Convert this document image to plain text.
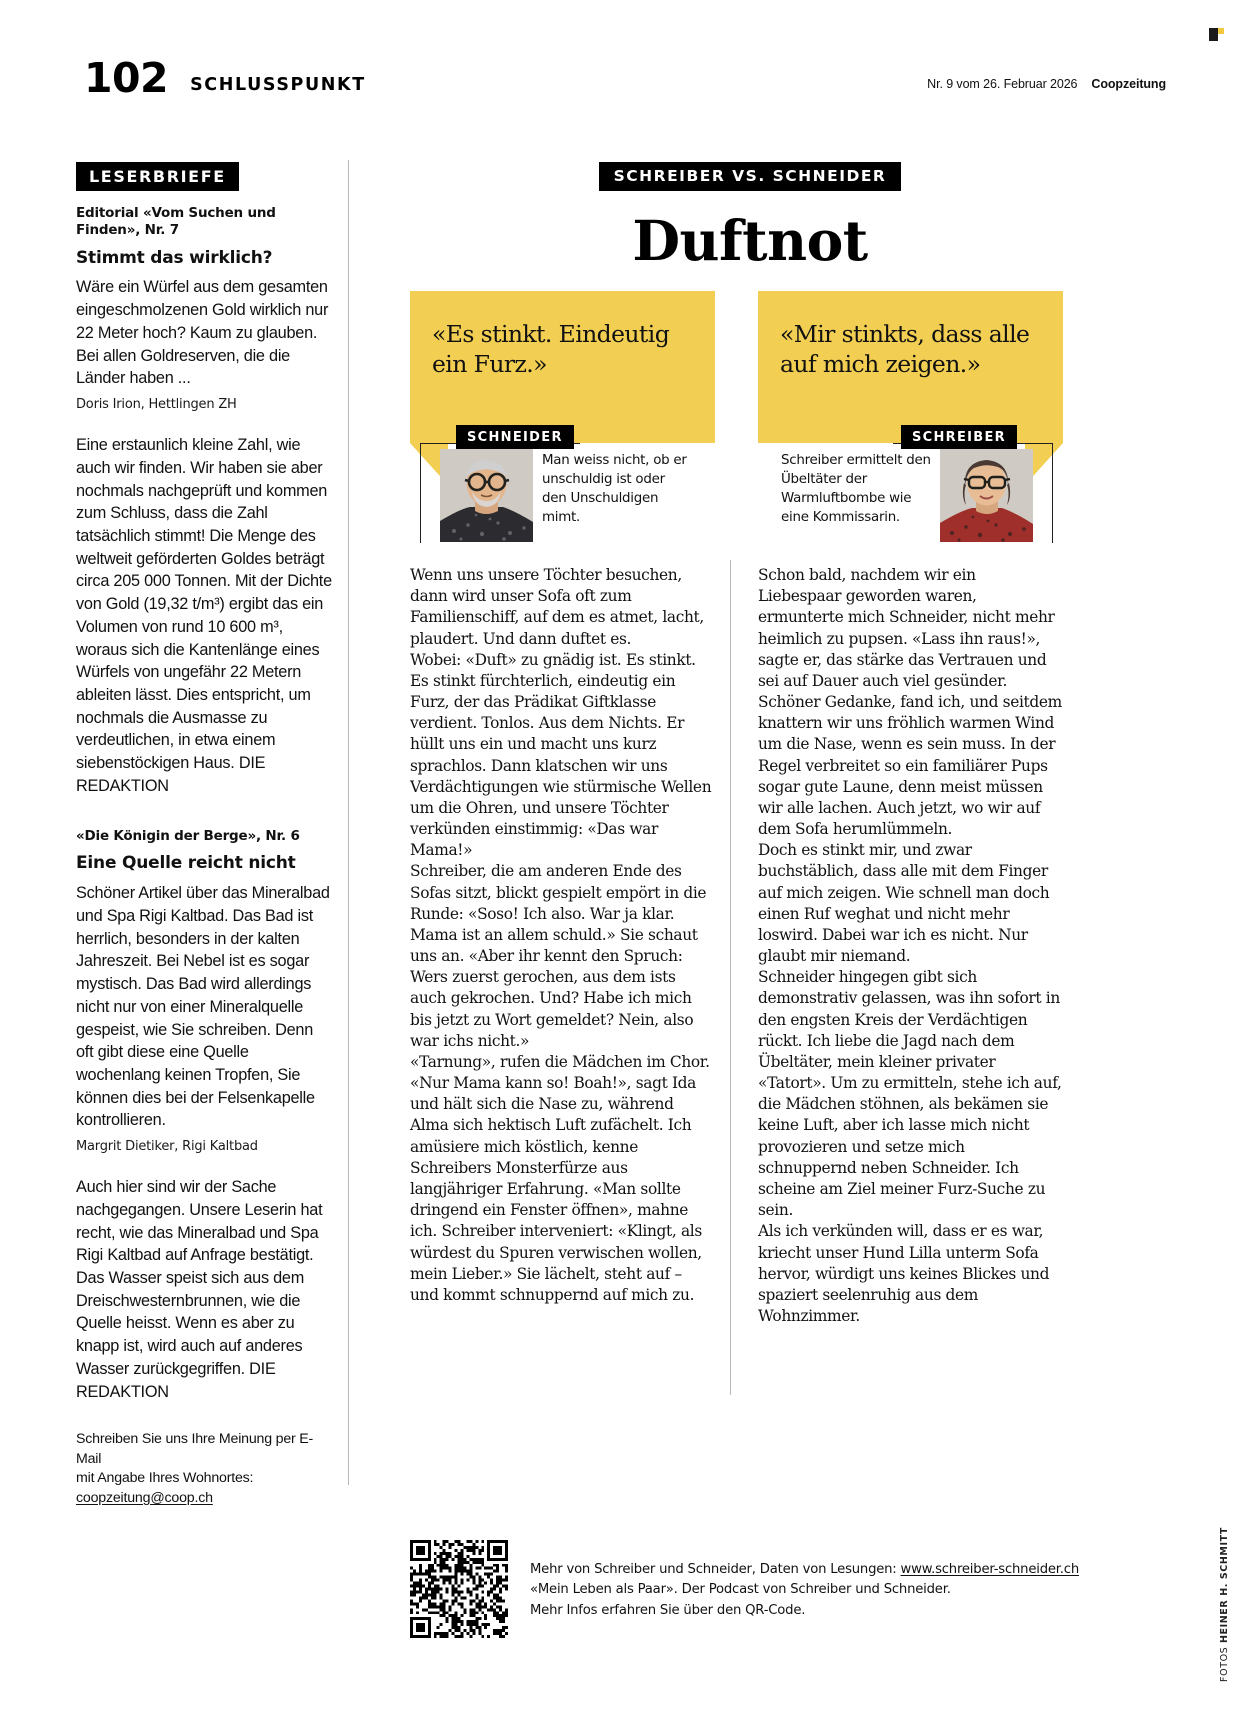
102 SCHLUSSPUNKT	Nr. 9 vom 26. Februar 2026 Coopzeitung
LESERBRIEFE
Editorial «Vom Suchen und Finden», Nr. 7
Stimmt das wirklich?
Wäre ein Würfel aus dem gesamten eingeschmolzenen Gold wirklich nur 22 Meter hoch? Kaum zu glauben. Bei allen Goldreserven, die die Länder haben ...
Doris Irion, Hettlingen ZH
Eine erstaunlich kleine Zahl, wie auch wir finden. Wir haben sie aber nochmals nachgeprüft und kommen zum Schluss, dass die Zahl tatsächlich stimmt! Die Menge des weltweit geförderten Goldes beträgt circa 205 000 Tonnen. Mit der Dichte von Gold (19,32 t/m³) ergibt das ein Volumen von rund 10 600 m³, woraus sich die Kantenlänge eines Würfels von ungefähr 22 Metern ableiten lässt. Dies entspricht, um nochmals die Ausmasse zu verdeutlichen, in etwa einem siebenstöckigen Haus. DIE REDAKTION
«Die Königin der Berge», Nr. 6
Eine Quelle reicht nicht
Schöner Artikel über das Mineralbad und Spa Rigi Kaltbad. Das Bad ist herrlich, besonders in der kalten Jahreszeit. Bei Nebel ist es sogar mystisch. Das Bad wird allerdings nicht nur von einer Mineralquelle gespeist, wie Sie schreiben. Denn oft gibt diese eine Quelle wochenlang keinen Tropfen, Sie können dies bei der Felsenkapelle kontrollieren.
Margrit Dietiker, Rigi Kaltbad
Auch hier sind wir der Sache nachgegangen. Unsere Leserin hat recht, wie das Mineralbad und Spa Rigi Kaltbad auf Anfrage bestätigt. Das Wasser speist sich aus dem Dreischwesternbrunnen, wie die Quelle heisst. Wenn es aber zu knapp ist, wird auch auf anderes Wasser zurückgegriffen. DIE REDAKTION
Schreiben Sie uns Ihre Meinung per E-Mail
mit Angabe Ihres Wohnortes:
coopzeitung@coop.ch
SCHREIBER VS. SCHNEIDER
Duftnot
«Es stinkt. Eindeutig ein Furz.»
SCHNEIDER
Man weiss nicht, ob er unschuldig ist oder den Unschuldigen mimt.
«Mir stinkts, dass alle auf mich zeigen.»
SCHREIBER
Schreiber ermittelt den Übeltäter der Warmluftbombe wie eine Kommissarin.

Wenn uns unsere Töchter besuchen, dann wird unser Sofa oft zum Familienschiff, auf dem es atmet, lacht, plaudert. Und dann duftet es.

Wobei: «Duft» zu gnädig ist. Es stinkt. Es stinkt fürchterlich, eindeutig ein Furz, der das Prädikat Giftklasse verdient. Tonlos. Aus dem Nichts. Er hüllt uns ein und macht uns kurz sprachlos. Dann klatschen wir uns Verdächtigungen wie stürmische Wellen um die Ohren, und unsere Töchter verkünden einstimmig: «Das war Mama!»

Schreiber, die am anderen Ende des Sofas sitzt, blickt gespielt empört in die Runde: «Soso! Ich also. War ja klar. Mama ist an allem schuld.» Sie schaut uns an. «Aber ihr kennt den Spruch: Wers zuerst gerochen, aus dem ists auch gekrochen. Und? Habe ich mich bis jetzt zu Wort gemeldet? Nein, also war ichs nicht.»

«Tarnung», rufen die Mädchen im Chor. «Nur Mama kann so! Boah!», sagt Ida und hält sich die Nase zu, während Alma sich hektisch Luft zufächelt. Ich amüsiere mich köstlich, kenne Schreibers Monsterfürze aus langjähriger Erfahrung. «Man sollte dringend ein Fenster öffnen», mahne ich. Schreiber interveniert: «Klingt, als würdest du Spuren verwischen wollen, mein Lieber.» Sie lächelt, steht auf – und kommt schnuppernd auf mich zu.

Schon bald, nachdem wir ein Liebespaar geworden waren, ermunterte mich Schneider, nicht mehr heimlich zu pupsen. «Lass ihn raus!», sagte er, das stärke das Vertrauen und sei auf Dauer auch viel gesünder. Schöner Gedanke, fand ich, und seitdem knattern wir uns fröhlich warmen Wind um die Nase, wenn es sein muss. In der Regel verbreitet so ein familiärer Pups sogar gute Laune, denn meist müssen wir alle lachen. Auch jetzt, wo wir auf dem Sofa herumlümmeln.

Doch es stinkt mir, und zwar buchstäblich, dass alle mit dem Finger auf mich zeigen. Wie schnell man doch einen Ruf weghat und nicht mehr loswird. Dabei war ich es nicht. Nur glaubt mir niemand.

Schneider hingegen gibt sich demonstrativ gelassen, was ihn sofort in den engsten Kreis der Verdächtigen rückt. Ich liebe die Jagd nach dem Übeltäter, mein kleiner privater «Tatort». Um zu ermitteln, stehe ich auf, die Mädchen stöhnen, als bekämen sie keine Luft, aber ich lasse mich nicht provozieren und setze mich schnuppernd neben Schneider. Ich scheine am Ziel meiner Furz-Suche zu sein.

Als ich verkünden will, dass er es war, kriecht unser Hund Lilla unterm Sofa hervor, würdigt uns keines Blickes und spaziert seelenruhig aus dem Wohnzimmer.

Mehr von Schreiber und Schneider, Daten von Lesungen: www.schreiber-schneider.ch
«Mein Leben als Paar». Der Podcast von Schreiber und Schneider.
Mehr Infos erfahren Sie über den QR-Code.
FOTOS HEINER H. SCHMITT
